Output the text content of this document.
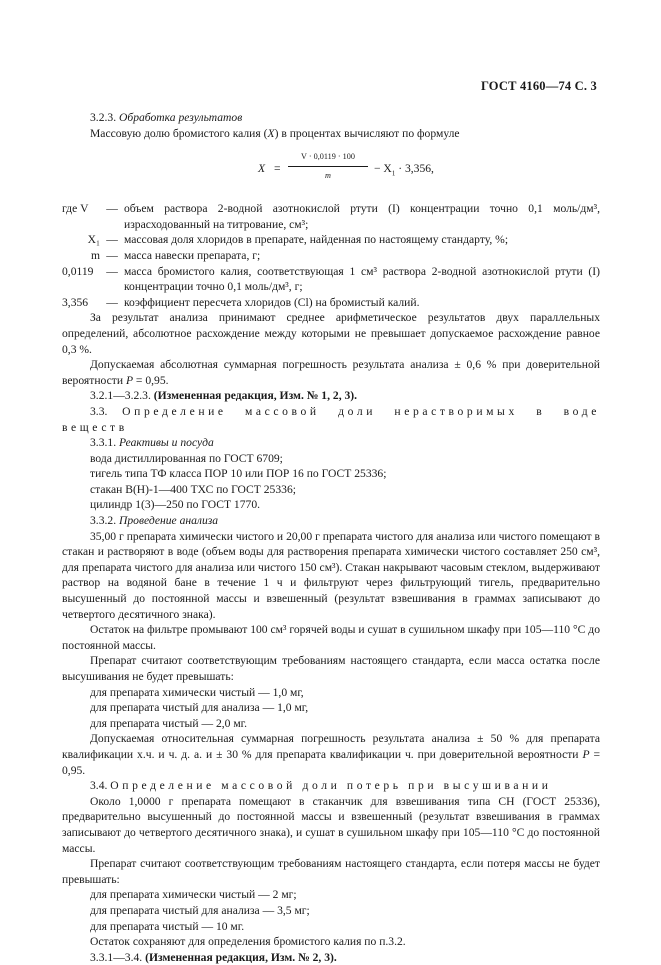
ГОСТ 4160—74 С. 3

3.2.3. Обработка результатов

Массовую долю бромистого калия (X) в процентах вычисляют по формуле

$X = \frac{V \cdot 0,0119 \cdot 100}{m} - X_1 \cdot 3,356$,
где V	— объем раствора 2-водной азотнокислой ртути (I) концентрации точно 0,1 моль/дм³, израсходованный на титрование, см³;
X₁ — массовая доля хлоридов в препарате, найденная по настоящему стандарту, %;
m — масса навески препарата, г;
0,0119	— масса бромистого калия, соответствующая 1 см³ раствора 2-водной азотнокислой ртути (I) концентрации точно 0,1 моль/дм³, г;
3,356	— коэффициент пересчета хлоридов (Cl) на бромистый калий.

За результат анализа принимают среднее арифметическое результатов двух параллельных определений, абсолютное расхождение между которыми не превышает допускаемое расхождение равное 0,3 %.

Допускаемая абсолютная суммарная погрешность результата анализа ± 0,6 % при доверительной вероятности P = 0,95.

3.2.1—3.2.3. (Измененная редакция, Изм. № 1, 2, 3).

3.3. Определение массовой доли нерастворимых в воде веществ

3.3.1. Реактивы и посуда

вода дистиллированная по ГОСТ 6709;

тигель типа ТФ класса ПОР 10 или ПОР 16 по ГОСТ 25336;

стакан В(Н)-1—400 ТХС по ГОСТ 25336;

цилиндр 1(3)—250 по ГОСТ 1770.

3.3.2. Проведение анализа

35,00 г препарата химически чистого и 20,00 г препарата чистого для анализа или чистого помещают в стакан и растворяют в воде (объем воды для растворения препарата химически чистого составляет 250 см³, для препарата чистого для анализа или чистого 150 см³). Стакан накрывают часовым стеклом, выдерживают раствор на водяной бане в течение 1 ч и фильтруют через фильтрующий тигель, предварительно высушенный до постоянной массы и взвешенный (результат взвешивания в граммах записывают до четвертого десятичного знака).

Остаток на фильтре промывают 100 см³ горячей воды и сушат в сушильном шкафу при 105—110 °С до постоянной массы.

Препарат считают соответствующим требованиям настоящего стандарта, если масса остатка после высушивания не будет превышать:

для препарата химически чистый — 1,0 мг,

для препарата чистый для анализа — 1,0 мг,

для препарата чистый — 2,0 мг.

Допускаемая относительная суммарная погрешность результата анализа ± 50 % для препарата квалификации х.ч. и ч. д. а. и ± 30 % для препарата квалификации ч. при доверительной вероятности P = 0,95.

3.4. Определение массовой доли потерь при высушивании

Около 1,0000 г препарата помещают в стаканчик для взвешивания типа СН (ГОСТ 25336), предварительно высушенный до постоянной массы и взвешенный (результат взвешивания в граммах записывают до четвертого десятичного знака), и сушат в сушильном шкафу при 105—110 °С до постоянной массы.

Препарат считают соответствующим требованиям настоящего стандарта, если потеря массы не будет превышать:

для препарата химически чистый — 2 мг;

для препарата чистый для анализа — 3,5 мг;

для препарата чистый — 10 мг.

Остаток сохраняют для определения бромистого калия по п.3.2.

3.3.1—3.4. (Измененная редакция, Изм. № 2, 3).
